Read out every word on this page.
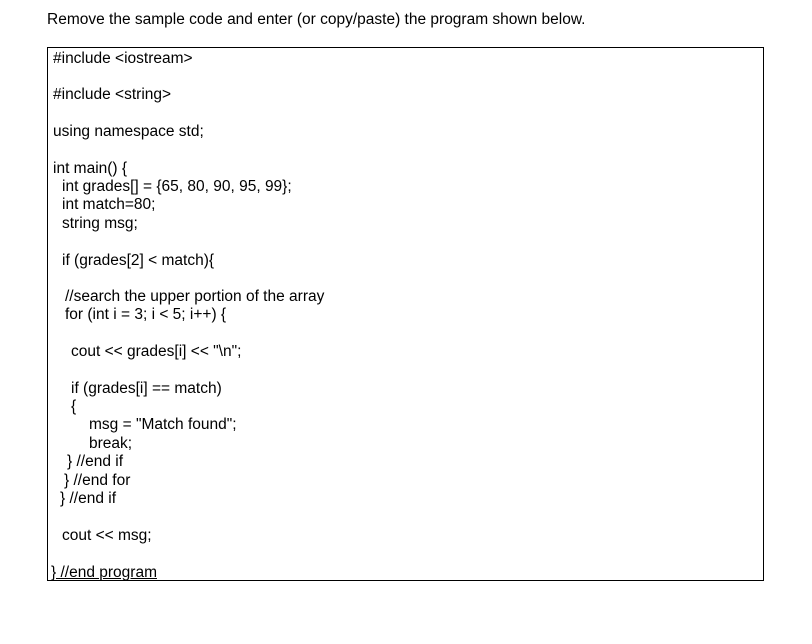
Remove the sample code and enter (or copy/paste) the program shown below.
#include <iostream>
#include <string>
using namespace std;
int main() {
int grades[] = {65, 80, 90, 95, 99};
int match=80;
string msg;
if (grades[2] < match){
//search the upper portion of the array
for (int i = 3; i < 5; i++) {
cout << grades[i] << "\n";
if (grades[i] == match)
{
msg = "Match found";
break;
} //end if
} //end for
} //end if
cout << msg;
} //end program
